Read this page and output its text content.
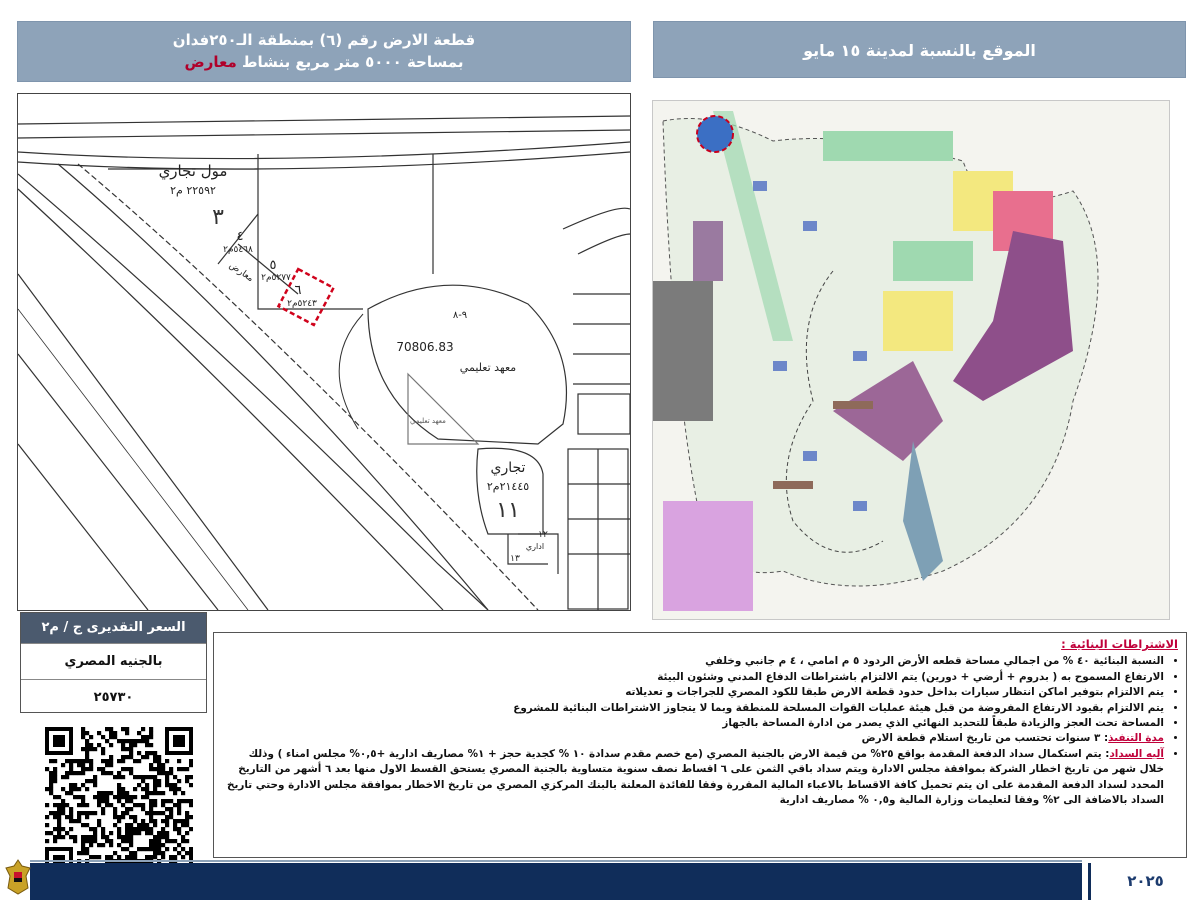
قطعة الارض رقم (٦) بمنطقة الـ٢٥٠فدان
بمساحة ٥٠٠٠ متر مربع بنشاط معارض
الموقع بالنسبة لمدينة ١٥ مايو
مول تجاري
٢٢٥٩٢ م٢
٣
٤
٥٤٦٨م٢
٥
٥٢٧٧م٢
٦
٥٢٤٣م٢
معارض
٩-٨
70806.83
معهد تعليمي
معهد تعليمي
تجاري
٢١٤٤٥م٢
١١
١٢
اداري
١٣
السعر التقديرى ج / م٢
بالجنيه المصري
٢٥٧٣٠
الاشتراطات البنائية :
• النسبة البنائية ٤٠ % من اجمالي مساحة قطعه الأرض الردود ٥ م امامي ، ٤ م جانبي وخلفي
• الارتفاع المسموح به ( بدروم + أرضي + دورين) يتم الالتزام باشتراطات الدفاع المدني وشئون البيئة
• يتم الالتزام بتوفير اماكن انتظار سيارات بداخل حدود قطعة الارض طبقا للكود المصري للجراجات و تعديلاته
• يتم الالتزام بقيود الارتفاع المفروضة من قبل هيئة عمليات القوات المسلحة للمنطقة وبما لا يتجاوز الاشتراطات البنائية للمشروع
• المساحة تحت العجز والزيادة طبقاً للتحديد النهائي الذي يصدر من ادارة المساحة بالجهاز
• مدة التنفيذ: ٣ سنوات تحتسب من تاريخ استلام قطعة الارض
• آليه السداد: يتم استكمال سداد الدفعة المقدمة بواقع ٢٥% من قيمة الارض بالجنية المصري (مع خصم مقدم سدادة ١٠ % كجدية حجز + ١% مصاريف ادارية +٠,٥% مجلس امناء ) وذلك خلال شهر من تاريخ اخطار الشركة بموافقة مجلس الادارة ويتم سداد باقي الثمن على ٦ اقساط نصف سنوية متساوية بالجنية المصري يستحق القسط الاول منها بعد ٦ أشهر من التاريخ المحدد لسداد الدفعة المقدمة على ان يتم تحميل كافة الاقساط بالاعباء المالية المقررة وفقا للفائدة المعلنة بالبنك المركزي المصري من تاريخ الاخطار بموافقة مجلس الادارة وحتي تاريخ السداد بالاضافة الى ٢% وفقا لتعليمات وزارة المالية و٠,٥ % مصاريف ادارية
٢٠٢٥
